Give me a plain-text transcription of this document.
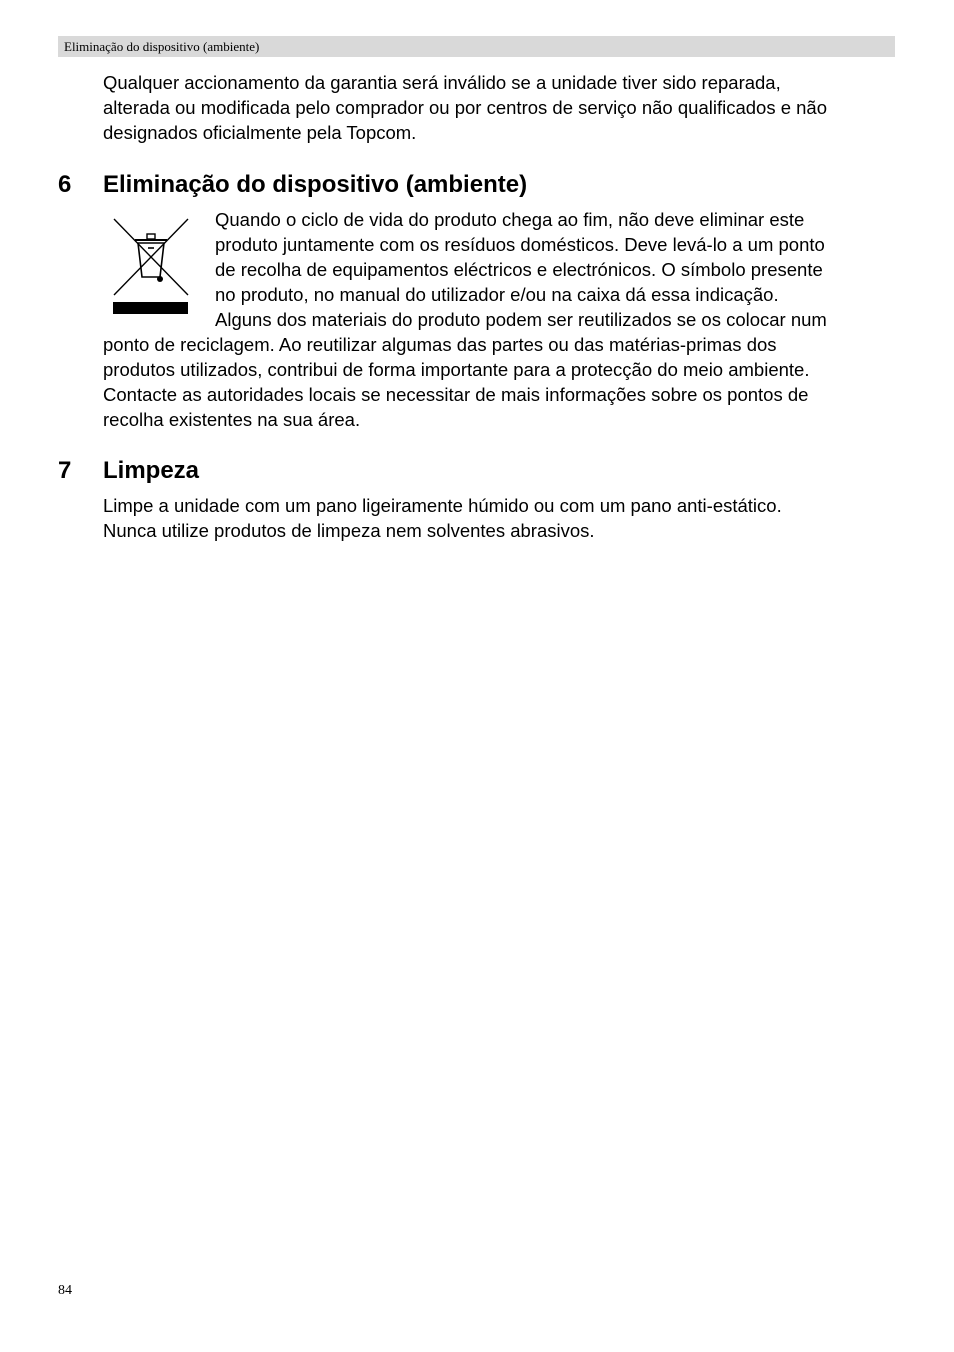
Eliminação do dispositivo (ambiente)
Qualquer accionamento da garantia será inválido se a unidade tiver sido reparada,
alterada ou modificada pelo comprador ou por centros de serviço não qualificados e não
designados oficialmente pela Topcom.
6 Eliminação do dispositivo (ambiente)
Quando o ciclo de vida do produto chega ao fim, não deve eliminar este
produto juntamente com os resíduos domésticos. Deve levá-lo a um ponto
de recolha de equipamentos eléctricos e electrónicos. O símbolo presente
no produto, no manual do utilizador e/ou na caixa dá essa indicação.
Alguns dos materiais do produto podem ser reutilizados se os colocar num
ponto de reciclagem. Ao reutilizar algumas das partes ou das matérias-primas dos
produtos utilizados, contribui de forma importante para a protecção do meio ambiente.
Contacte as autoridades locais se necessitar de mais informações sobre os pontos de
recolha existentes na sua área.
7 Limpeza
Limpe a unidade com um pano ligeiramente húmido ou com um pano anti-estático.
Nunca utilize produtos de limpeza nem solventes abrasivos.
84
